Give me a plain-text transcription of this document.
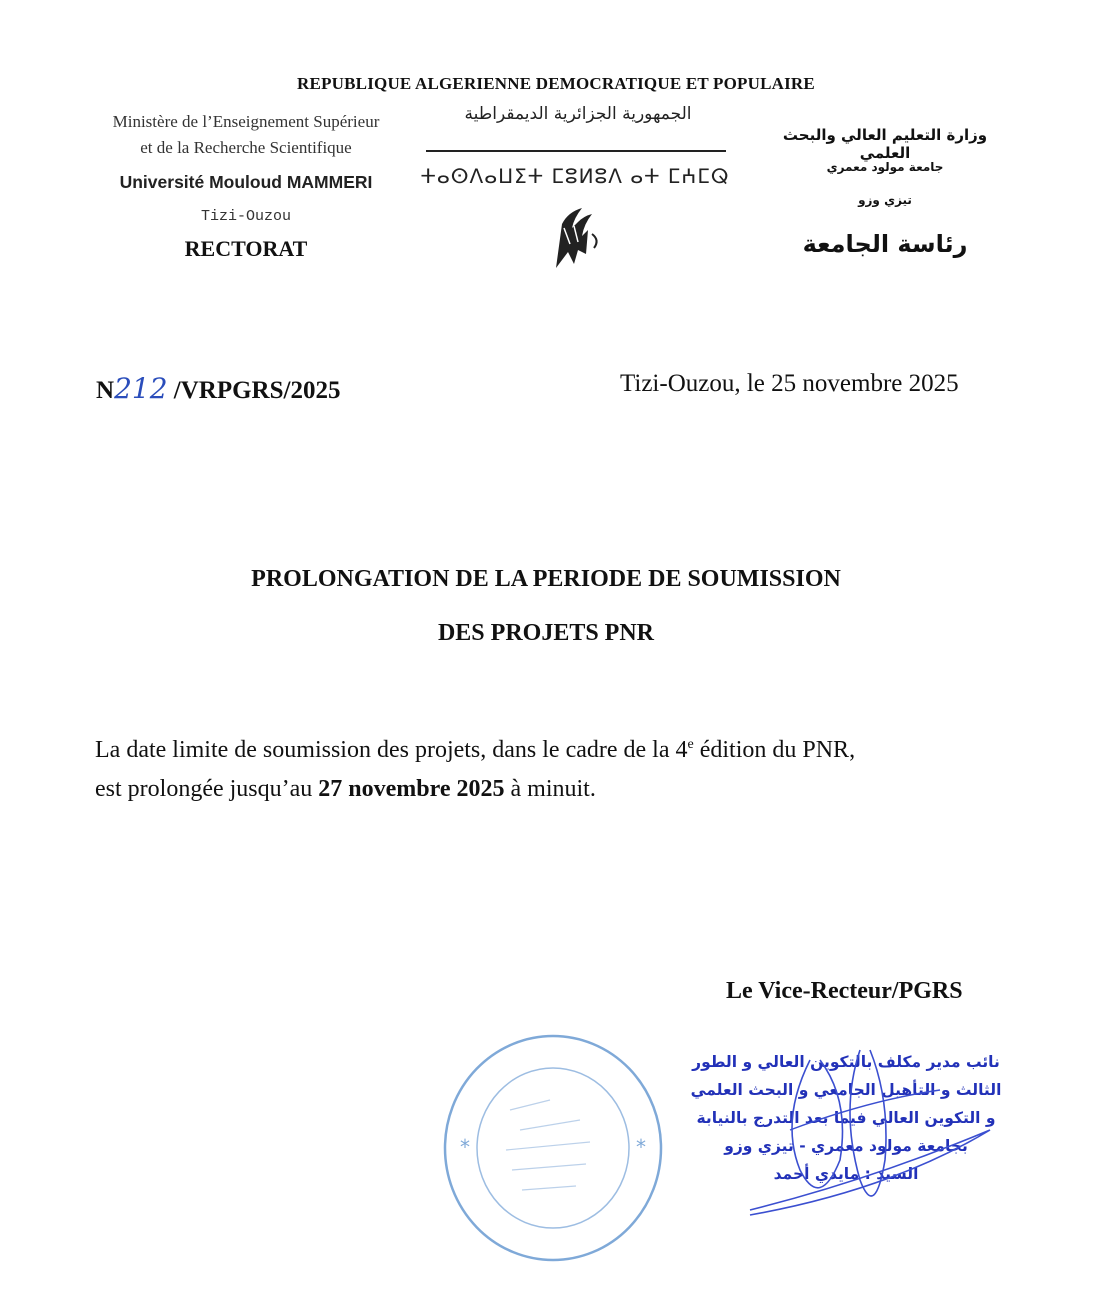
REPUBLIQUE ALGERIENNE DEMOCRATIQUE ET POPULAIRE
Ministère de l’Enseignement Supérieur
et de la Recherche Scientifique
Université Mouloud MAMMERI
Tizi-Ouzou
RECTORAT
الجمهورية الجزائرية الديمقراطية
ⵜⴰⵙⴷⴰⵡⵉⵜ ⵎⵓⵍⵓⴷ ⴰⵜ ⵎⵄⵎⵕ
وزارة التعليم العالي والبحث العلمي
جامعة مولود معمري
تيزي وزو
رئاسة الجامعة
N212 /VRPGRS/2025	Tizi-Ouzou, le 25 novembre 2025
PROLONGATION DE LA PERIODE DE SOUMISSION
DES PROJETS PNR
La date limite de soumission des projets, dans le cadre de la 4e édition du PNR,
est prolongée jusqu’au 27 novembre 2025 à minuit.
Le Vice-Recteur/PGRS
*	*
نائب مدير مكلف بالتكوين العالي و الطور
الثالث و التأهيل الجامعي و البحث العلمي
و التكوين العالي فيما بعد التدرج بالنيابة
بجامعة مولود معمري - تيزي وزو
السيد : مايدي أحمد
